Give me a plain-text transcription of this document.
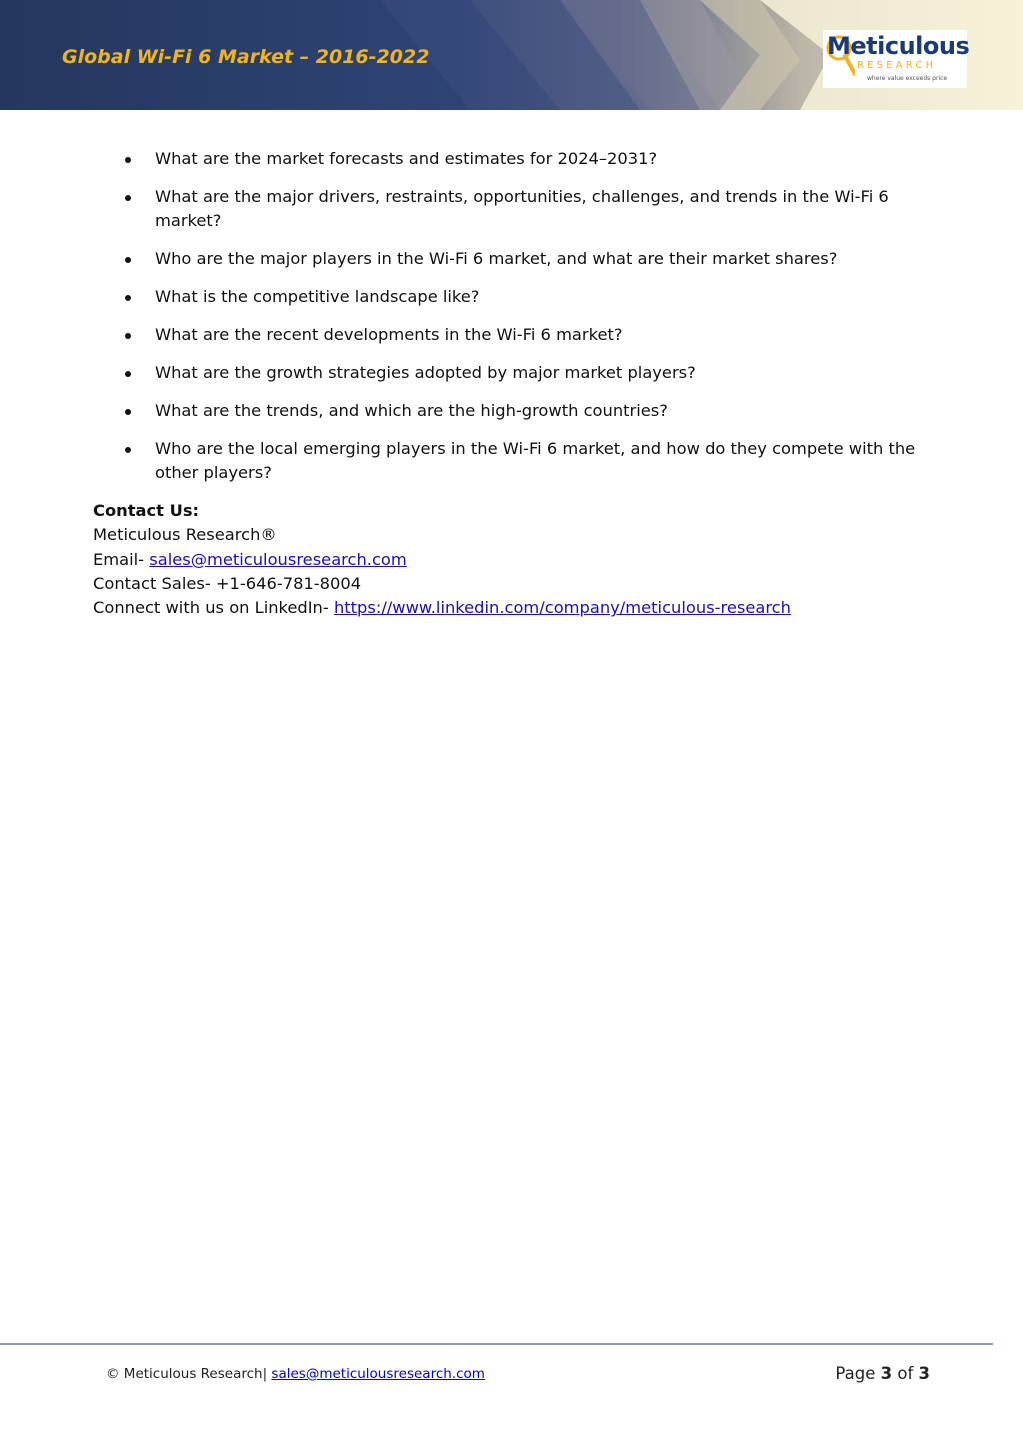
Global Wi-Fi 6 Market – 2016-2022	Meticulous
RESEARCH
where value exceeds price
What are the market forecasts and estimates for 2024–2031?
What are the major drivers, restraints, opportunities, challenges, and trends in the Wi-Fi 6 market?
Who are the major players in the Wi-Fi 6 market, and what are their market shares?
What is the competitive landscape like?
What are the recent developments in the Wi-Fi 6 market?
What are the growth strategies adopted by major market players?
What are the trends, and which are the high-growth countries?
Who are the local emerging players in the Wi-Fi 6 market, and how do they compete with the other players?
Contact Us:
Meticulous Research®
Email- sales@meticulousresearch.com
Contact Sales- +1-646-781-8004
Connect with us on LinkedIn- https://www.linkedin.com/company/meticulous-research
© Meticulous Research| sales@meticulousresearch.com	Page 3 of 3
